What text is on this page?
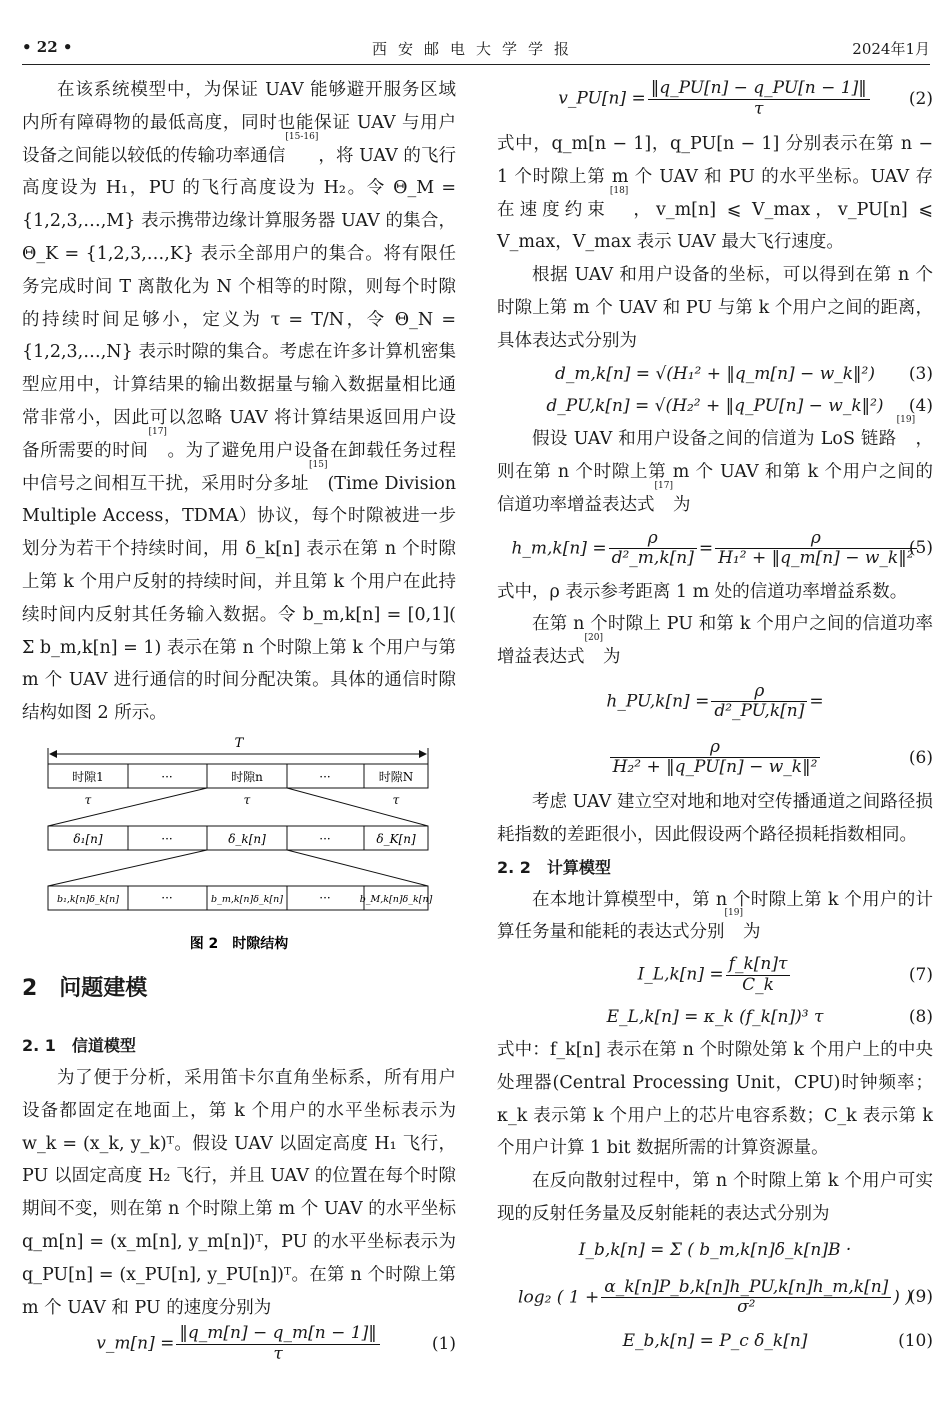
• 22 •	西安邮电大学学报	2024年1月
在该系统模型中，为保证 UAV 能够避开服务区域内所有障碍物的最低高度，同时也能保证 UAV 与用户设备之间能以较低的传输功率通信[15-16]，将 UAV 的飞行高度设为 H₁，PU 的飞行高度设为 H₂。令 Θ_M = {1,2,3,…,M} 表示携带边缘计算服务器 UAV 的集合，Θ_K = {1,2,3,…,K} 表示全部用户的集合。将有限任务完成时间 T 离散化为 N 个相等的时隙，则每个时隙的持续时间足够小，定义为 τ = T/N，令 Θ_N = {1,2,3,…,N} 表示时隙的集合。考虑在许多计算机密集型应用中，计算结果的输出数据量与输入数据量相比通常非常小，因此可以忽略 UAV 将计算结果返回用户设备所需要的时间[17]。为了避免用户设备在卸载任务过程中信号之间相互干扰，采用时分多址[15](Time Division Multiple Access，TDMA）协议，每个时隙被进一步划分为若干个持续时间，用 δ_k[n] 表示在第 n 个时隙上第 k 个用户反射的持续时间，并且第 k 个用户在此持续时间内反射其任务输入数据。令 b_m,k[n] = [0,1]( Σ b_m,k[n] = 1) 表示在第 n 个时隙上第 k 个用户与第 m 个 UAV 进行通信的时间分配决策。具体的通信时隙结构如图 2 所示。
T
时隙1	···	时隙n	···	时隙N
τ	τ	τ
δ₁[n]	···	δ_k[n]	···	δ_K[n]
b₁,k[n]δ_k[n]	···	b_m,k[n]δ_k[n]	···	b_M,k[n]δ_k[n]
图 2　时隙结构
2　问题建模
2. 1　信道模型
为了便于分析，采用笛卡尔直角坐标系，所有用户设备都固定在地面上，第 k 个用户的水平坐标表示为 w_k = (x_k, y_k)ᵀ。假设 UAV 以固定高度 H₁ 飞行，PU 以固定高度 H₂ 飞行，并且 UAV 的位置在每个时隙期间不变，则在第 n 个时隙上第 m 个 UAV 的水平坐标 q_m[n] = (x_m[n], y_m[n])ᵀ，PU 的水平坐标表示为 q_PU[n] = (x_PU[n], y_PU[n])ᵀ。在第 n 个时隙上第 m 个 UAV 和 PU 的速度分别为
v_m[n] = $\frac{‖q\_m[n] - q\_m[n - 1]‖}{\tau}$	(1)
v_PU[n] = $\frac{‖q\_PU[n] - q\_PU[n - 1]‖}{\tau} (2)$
式中，q_m[n − 1]，q_PU[n − 1] 分别表示在第 n − 1 个时隙上第 m 个 UAV 和 PU 的水平坐标。UAV 存在速度约束[18]，v_m[n] ⩽ V_max，v_PU[n] ⩽ V_max，V_max 表示 UAV 最大飞行速度。
根据 UAV 和用户设备的坐标，可以得到在第 n 个时隙上第 m 个 UAV 和 PU 与第 k 个用户之间的距离，具体表达式分别为
d_m,k[n] = √(H₁² + ‖q_m[n] − w_k‖²)	(3)
d_PU,k[n] = √(H₂² + ‖q_PU[n] − w_k‖²)	(4)
假设 UAV 和用户设备之间的信道为 LoS 链路[19]，则在第 n 个时隙上第 m 个 UAV 和第 k 个用户之间的信道功率增益表达式[17]为
h_m,k[n] = $\frac{\rho}{\text{d²\_m,k[n]}} = \frac{\rho}{\text{H₁² + ‖q\_m[n] − w\_k‖²}}$
(5)
式中，ρ 表示参考距离 1 m 处的信道功率增益系数。
在第 n 个时隙上 PU 和第 k 个用户之间的信道功率增益表达式[20]为
h_PU,k[n] = $\frac{\rho}{\text{d²\_PU,k[n]}}$ =
$\frac{\rho}{\text{H₂² + ‖q\_PU[n] − w\_k‖²}}$	(6)
考虑 UAV 建立空对地和地对空传播通道之间路径损耗指数的差距很小，因此假设两个路径损耗指数相同。
2. 2　计算模型
在本地计算模型中，第 n 个时隙上第 k 个用户的计算任务量和能耗的表达式分别[19]为
I_L,k[n] = $\frac{f\_k[n]\tau}{C\_k}$	(7)
E_L,k[n] = κ_k (f_k[n])³ τ	(8)
式中：f_k[n] 表示在第 n 个时隙处第 k 个用户上的中央处理器(Central Processing Unit，CPU)时钟频率；κ_k 表示第 k 个用户上的芯片电容系数；C_k 表示第 k 个用户计算 1 bit 数据所需的计算资源量。
在反向散射过程中，第 n 个时隙上第 k 个用户可实现的反射任务量及反射能耗的表达式分别为
I_b,k[n] = Σ ( b_m,k[n]δ_k[n]B ·
log₂ ( $1 + \frac{\alpha\_k[n]P\_b,k[n]h\_PU,k[n]h\_m,k[n]}{\text{σ²}}$ ) )
(9)
E_b,k[n] = P_c δ_k[n]	(10)
